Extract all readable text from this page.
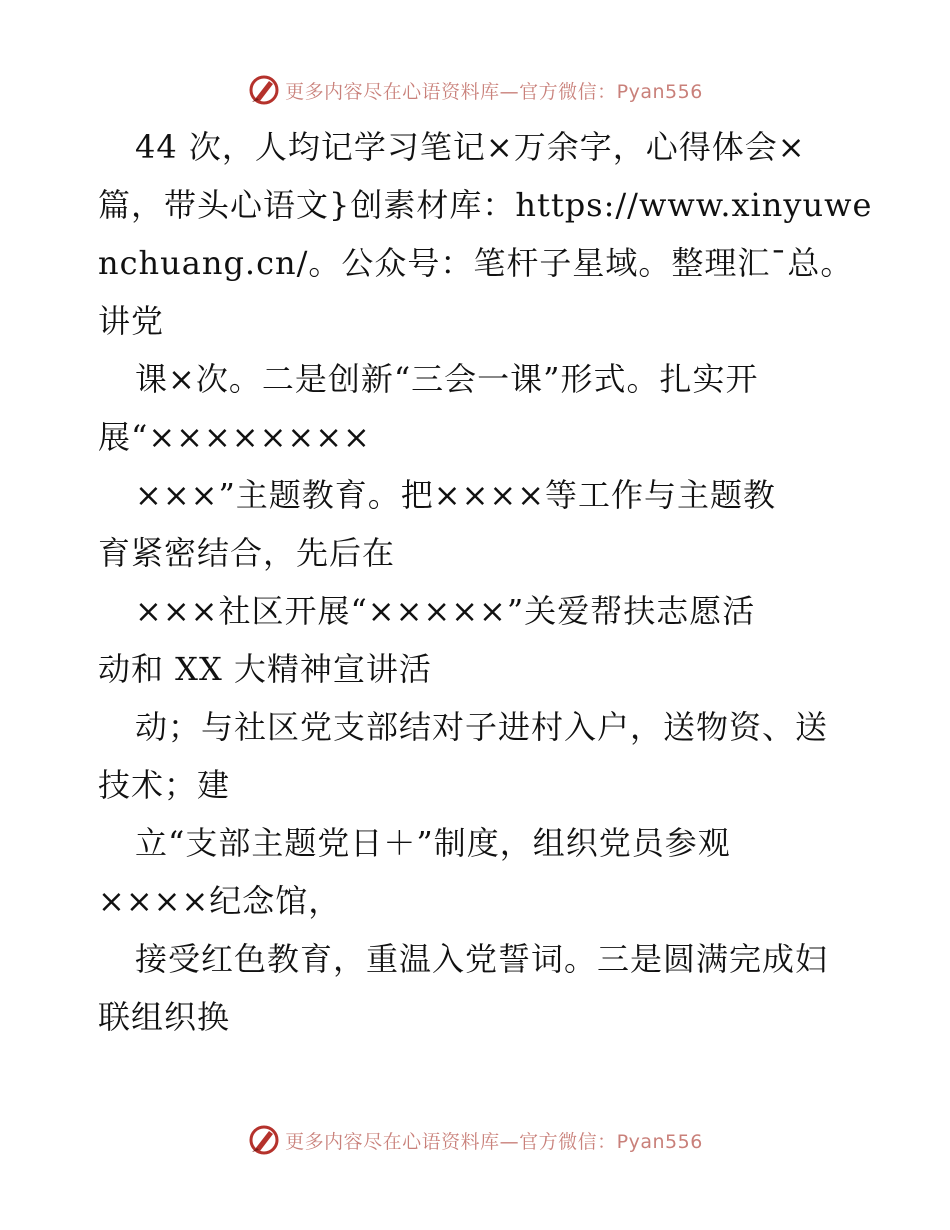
更多内容尽在心语资料库—官方微信：Pyan556
44 次，人均记学习笔记×万余字，心得体会×
篇，带头心语文}创素材库：https://www.xinyuwe
nchuang.cn/。公众号：笔杆子星域。整理汇¯总。
讲党
课×次。二是创新“三会一课”形式。扎实开
展“××××××××
×××”主题教育。把××××等工作与主题教
育紧密结合，先后在
×××社区开展“×××××”关爱帮扶志愿活
动和 XX 大精神宣讲活
动；与社区党支部结对子进村入户，送物资、送
技术；建
立“支部主题党日＋”制度，组织党员参观
××××纪念馆，
接受红色教育，重温入党誓词。三是圆满完成妇
联组织换
更多内容尽在心语资料库—官方微信：Pyan556
